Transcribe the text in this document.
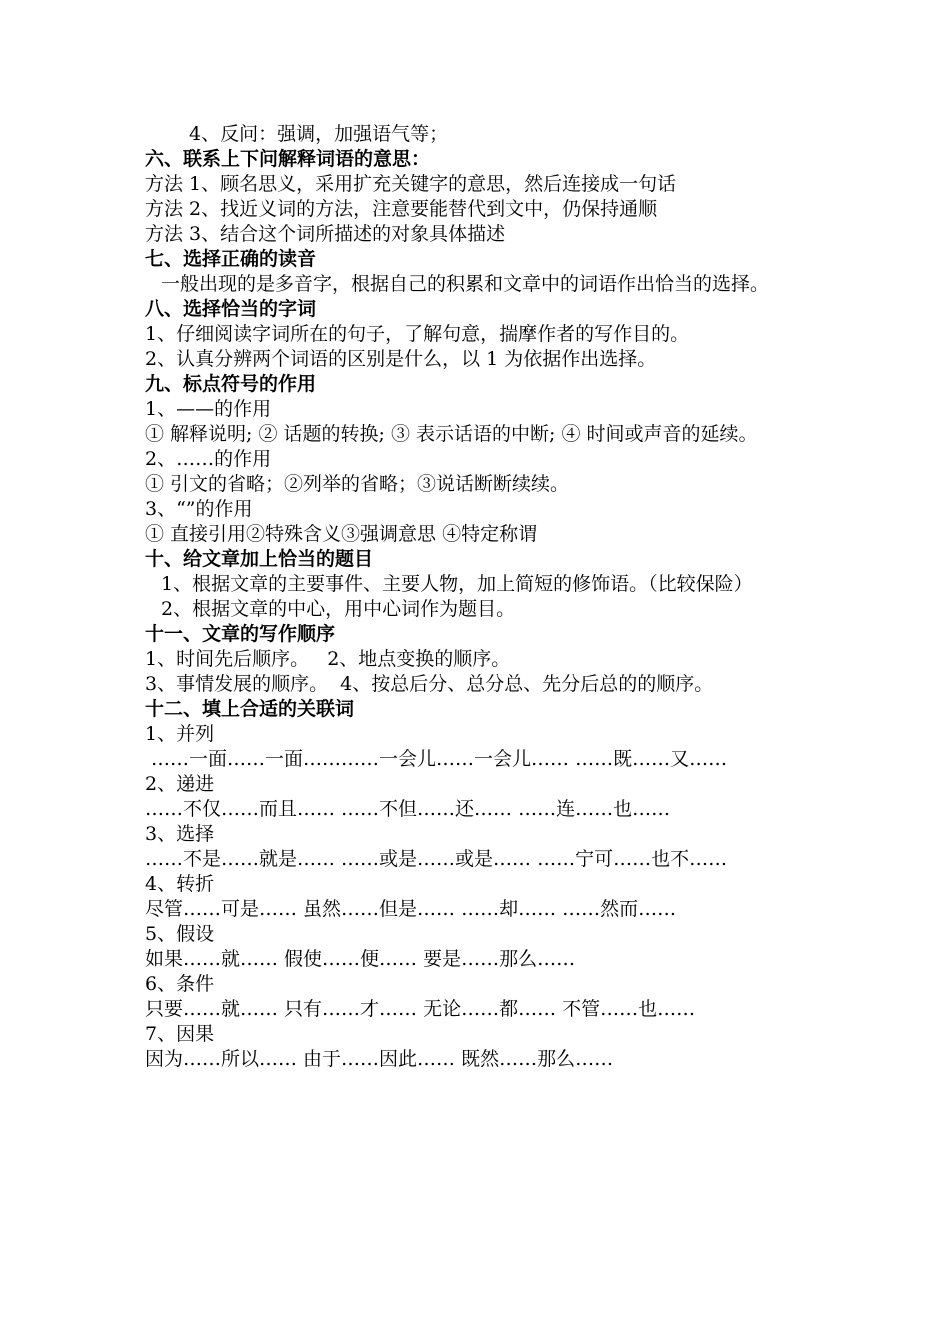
4、反问：强调，加强语气等；

六、联系上下问解释词语的意思：

方法 1、顾名思义，采用扩充关键字的意思，然后连接成一句话

方法 2、找近义词的方法，注意要能替代到文中，仍保持通顺

方法 3、结合这个词所描述的对象具体描述

七、选择正确的读音

一般出现的是多音字，根据自己的积累和文章中的词语作出恰当的选择。

八、选择恰当的字词

1、仔细阅读字词所在的句子，了解句意，揣摩作者的写作目的。

2、认真分辨两个词语的区别是什么，以 1 为依据作出选择。

九、标点符号的作用

1、——的作用

① 解释说明; ② 话题的转换; ③ 表示话语的中断; ④ 时间或声音的延续。

2、……的作用

① 引文的省略；②列举的省略；③说话断断续续。

3、“”的作用

① 直接引用②特殊含义③强调意思 ④特定称谓

十、给文章加上恰当的题目

1、根据文章的主要事件、主要人物，加上简短的修饰语。（比较保险）

2、根据文章的中心，用中心词作为题目。

十一、文章的写作顺序

1、时间先后顺序。   2、地点变换的顺序。

3、事情发展的顺序。  4、按总后分、总分总、先分后总的的顺序。

十二、填上合适的关联词

1、并列

……一面……一面…………一会儿……一会儿…… ……既……又……

2、递进

……不仅……而且…… ……不但……还…… ……连……也……

3、选择

……不是……就是…… ……或是……或是…… ……宁可……也不……

4、转折

尽管……可是…… 虽然……但是…… ……却…… ……然而……

5、假设

如果……就…… 假使……便…… 要是……那么……

6、条件

只要……就…… 只有……才…… 无论……都…… 不管……也……

7、因果

因为……所以…… 由于……因此…… 既然……那么……
